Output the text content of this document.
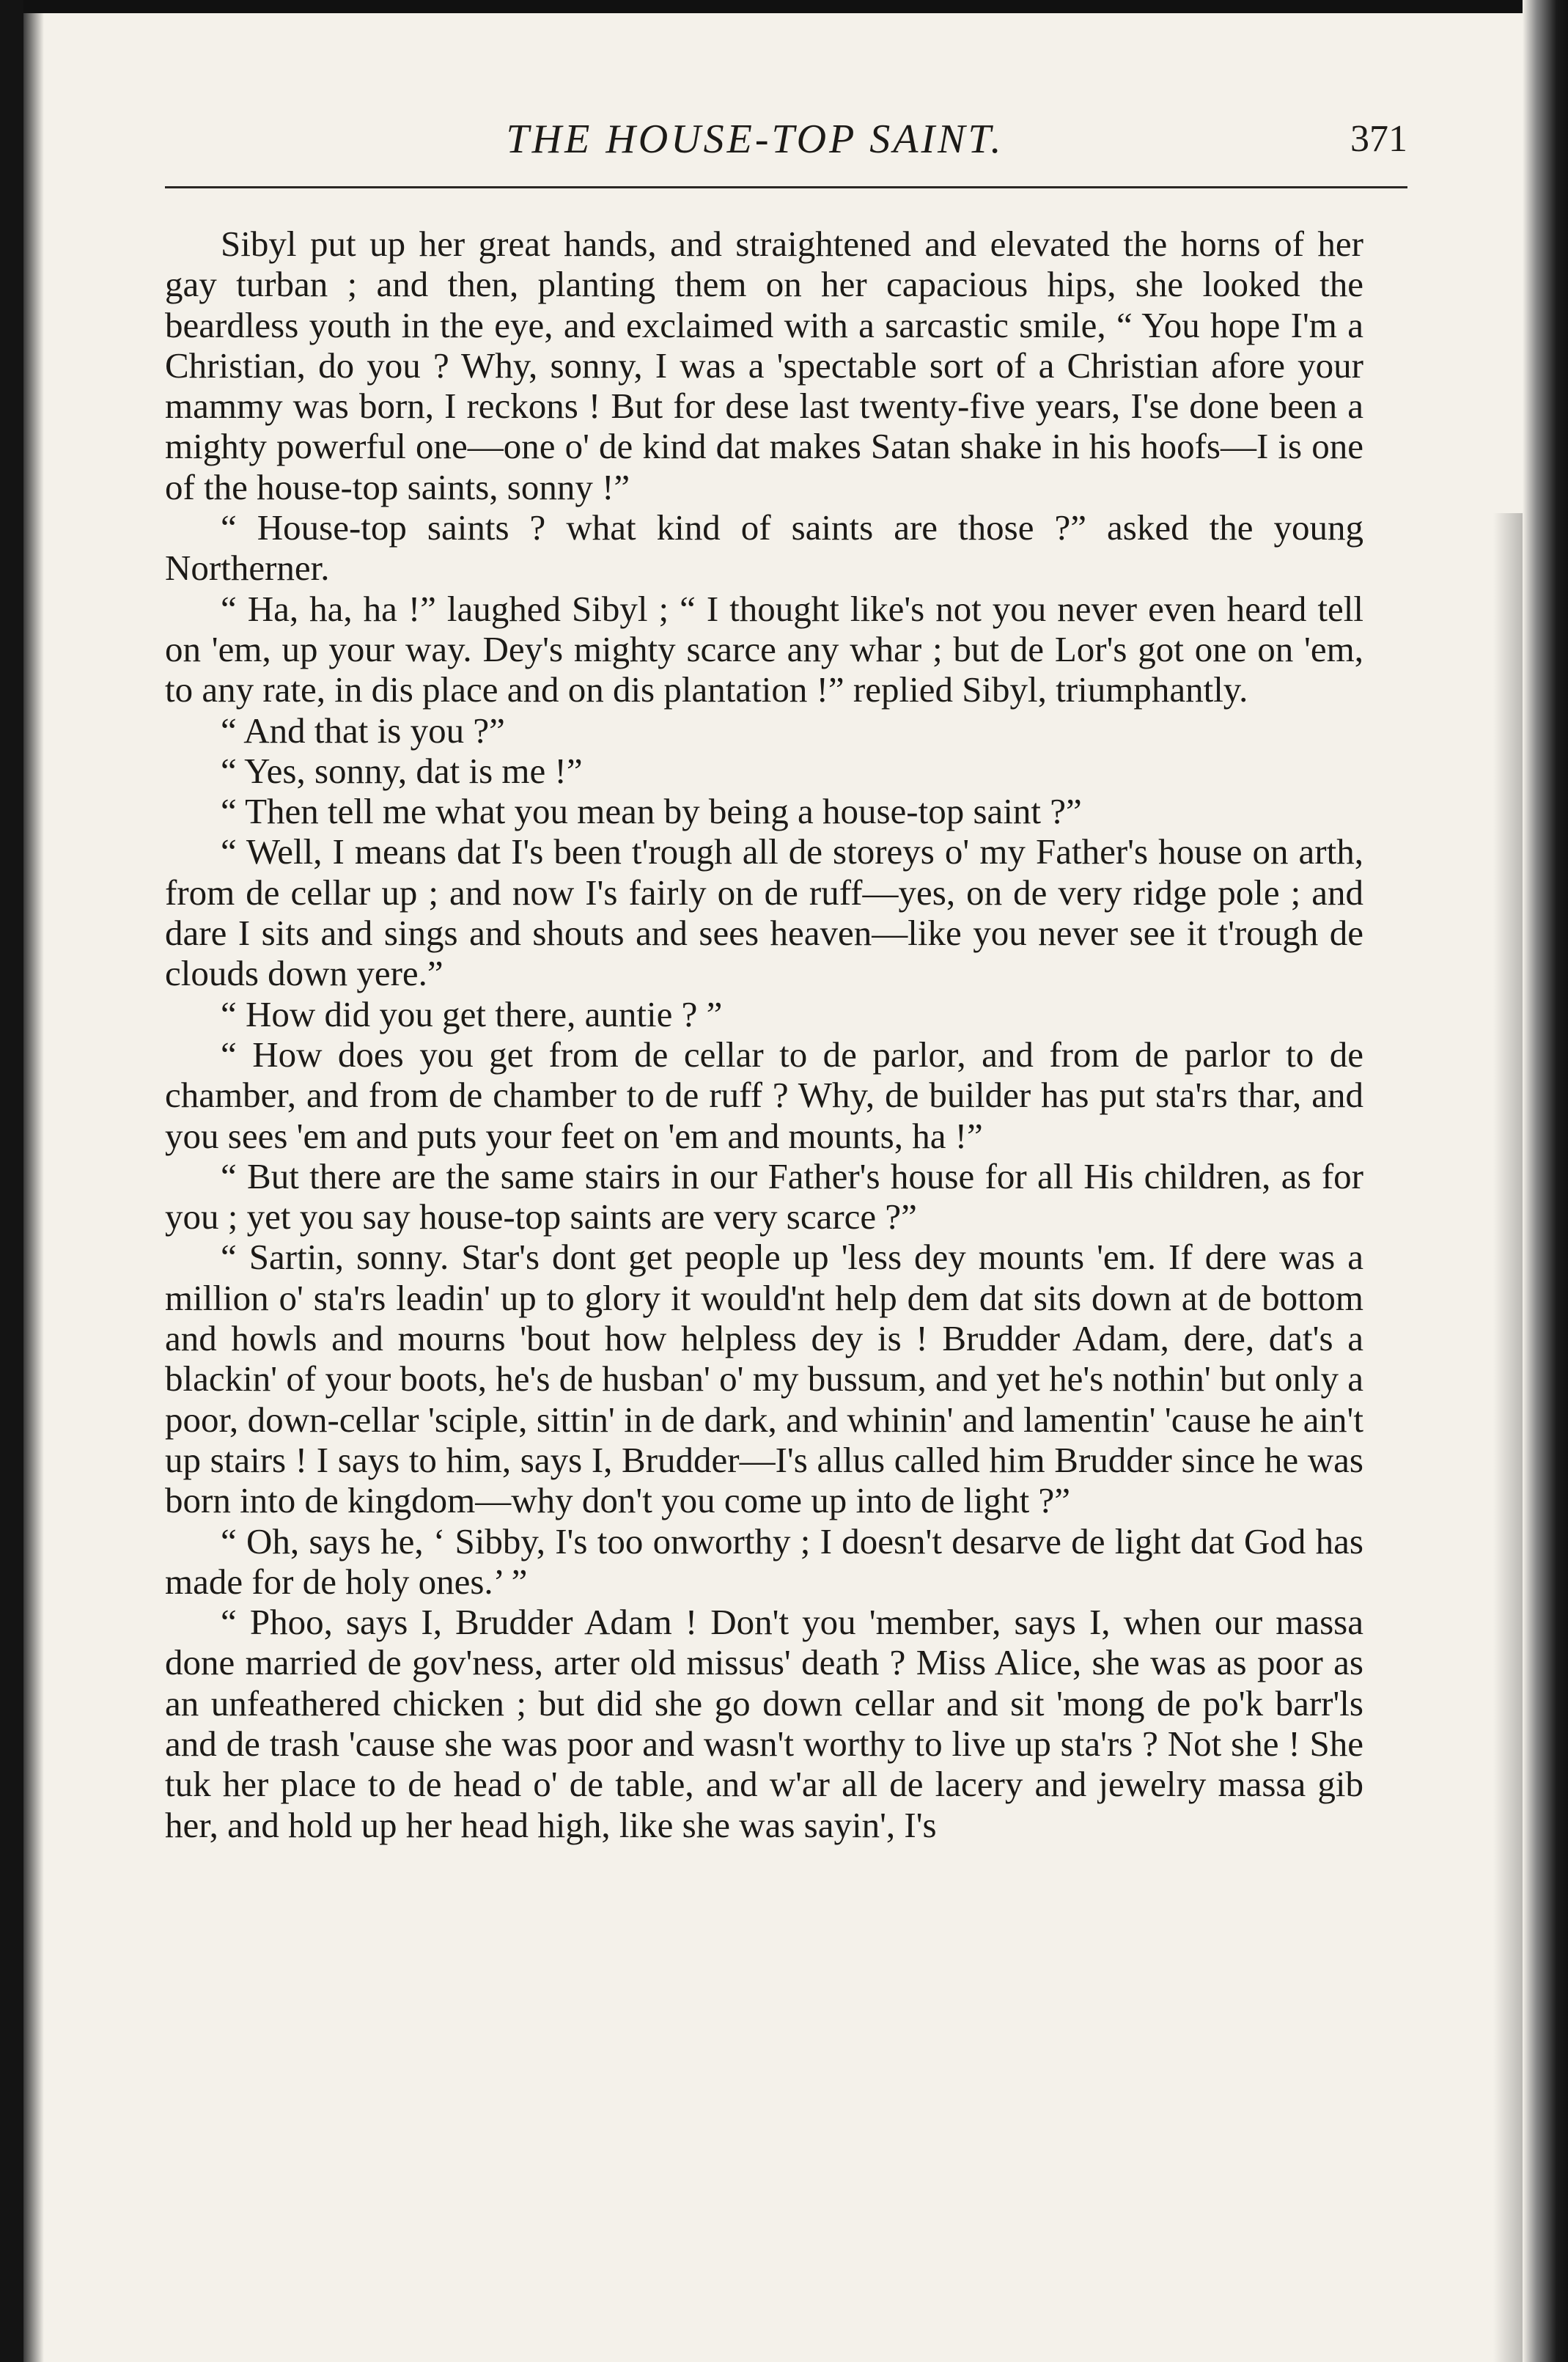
THE HOUSE-TOP SAINT.	371

Sibyl put up her great hands, and straightened and elevated the horns of her gay turban ; and then, planting them on her capacious hips, she looked the beardless youth in the eye, and exclaimed with a sarcastic smile, “ You hope I'm a Christian, do you ? Why, sonny, I was a 'spectable sort of a Christian afore your mammy was born, I reckons ! But for dese last twenty-five years, I'se done been a mighty powerful one—one o' de kind dat makes Satan shake in his hoofs—I is one of the house-top saints, sonny !”

“ House-top saints ? what kind of saints are those ?” asked the young Northerner.

“ Ha, ha, ha !” laughed Sibyl ; “ I thought like's not you never even heard tell on 'em, up your way. Dey's mighty scarce any whar ; but de Lor's got one on 'em, to any rate, in dis place and on dis plantation !” replied Sibyl, triumphantly.

“ And that is you ?”

“ Yes, sonny, dat is me !”

“ Then tell me what you mean by being a house-top saint ?”

“ Well, I means dat I's been t'rough all de storeys o' my Father's house on arth, from de cellar up ; and now I's fairly on de ruff—yes, on de very ridge pole ; and dare I sits and sings and shouts and sees heaven—like you never see it t'rough de clouds down yere.”

“ How did you get there, auntie ? ”

“ How does you get from de cellar to de parlor, and from de parlor to de chamber, and from de chamber to de ruff ? Why, de builder has put sta'rs thar, and you sees 'em and puts your feet on 'em and mounts, ha !”

“ But there are the same stairs in our Father's house for all His children, as for you ; yet you say house-top saints are very scarce ?”

“ Sartin, sonny. Star's dont get people up 'less dey mounts 'em. If dere was a million o' sta'rs leadin' up to glory it would'nt help dem dat sits down at de bottom and howls and mourns 'bout how helpless dey is ! Brudder Adam, dere, dat's a blackin' of your boots, he's de husban' o' my bussum, and yet he's nothin' but only a poor, down-cellar 'sciple, sittin' in de dark, and whinin' and lamentin' 'cause he ain't up stairs ! I says to him, says I, Brudder—I's allus called him Brudder since he was born into de kingdom—why don't you come up into de light ?”

“ Oh, says he, ‘ Sibby, I's too onworthy ; I doesn't desarve de light dat God has made for de holy ones.’ ”

“ Phoo, says I, Brudder Adam ! Don't you 'member, says I, when our massa done married de gov'ness, arter old missus' death ? Miss Alice, she was as poor as an unfeathered chicken ; but did she go down cellar and sit 'mong de po'k barr'ls and de trash 'cause she was poor and wasn't worthy to live up sta'rs ? Not she ! She tuk her place to de head o' de table, and w'ar all de lacery and jewelry massa gib her, and hold up her head high, like she was sayin', I's
